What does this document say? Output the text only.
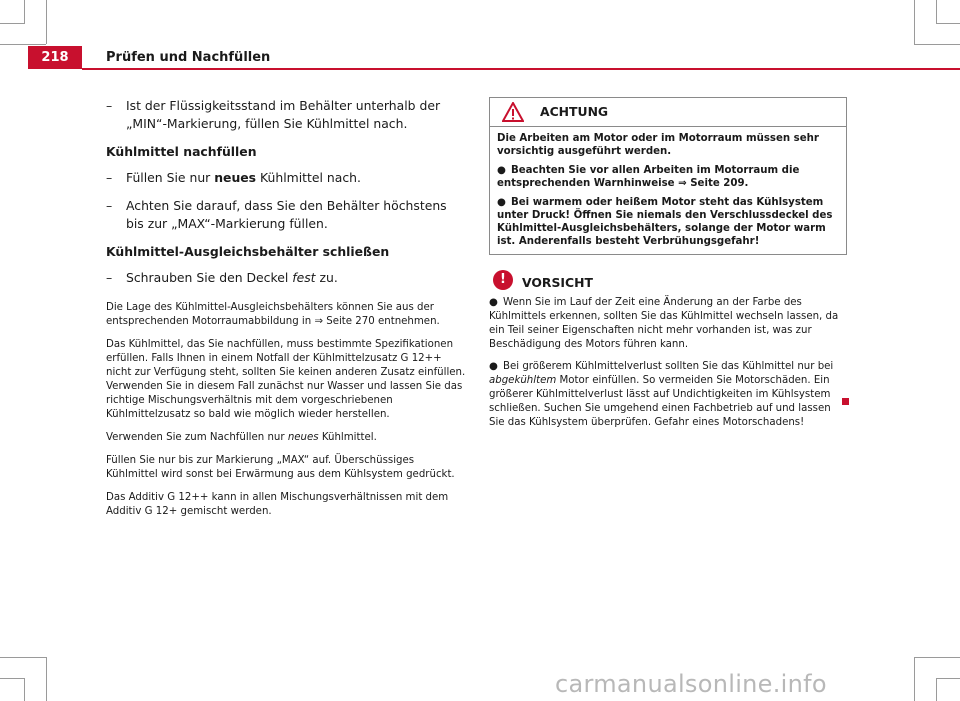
218	Prüfen und Nachfüllen
– Ist der Flüssigkeitsstand im Behälter unterhalb der „MIN“-Markierung, füllen Sie Kühlmittel nach.
Kühlmittel nachfüllen
– Füllen Sie nur neues Kühlmittel nach.
– Achten Sie darauf, dass Sie den Behälter höchstens bis zur „MAX“-Markierung füllen.
Kühlmittel-Ausgleichsbehälter schließen
– Schrauben Sie den Deckel fest zu.
Die Lage des Kühlmittel-Ausgleichsbehälters können Sie aus der entsprechenden Motorraumabbildung in ⇒ Seite 270 entnehmen.
Das Kühlmittel, das Sie nachfüllen, muss bestimmte Spezifikationen erfüllen. Falls Ihnen in einem Notfall der Kühlmittelzusatz G 12++ nicht zur Verfügung steht, sollten Sie keinen anderen Zusatz einfüllen. Verwenden Sie in diesem Fall zunächst nur Wasser und lassen Sie das richtige Mischungsverhältnis mit dem vorgeschriebenen Kühlmittelzusatz so bald wie möglich wieder herstellen.
Verwenden Sie zum Nachfüllen nur neues Kühlmittel.
Füllen Sie nur bis zur Markierung „MAX“ auf. Überschüssiges Kühlmittel wird sonst bei Erwärmung aus dem Kühlsystem gedrückt.
Das Additiv G 12++ kann in allen Mischungsverhältnissen mit dem Additiv G 12+ gemischt werden.
ACHTUNG

Die Arbeiten am Motor oder im Motorraum müssen sehr vorsichtig ausgeführt werden.

● Beachten Sie vor allen Arbeiten im Motorraum die entsprechenden Warnhinweise ⇒ Seite 209.

● Bei warmem oder heißem Motor steht das Kühlsystem unter Druck! Öffnen Sie niemals den Verschlussdeckel des Kühlmittel-Ausgleichsbehälters, solange der Motor warm ist. Anderenfalls besteht Verbrühungsgefahr!

!	VORSICHT

● Wenn Sie im Lauf der Zeit eine Änderung an der Farbe des Kühlmittels erkennen, sollten Sie das Kühlmittel wechseln lassen, da ein Teil seiner Eigenschaften nicht mehr vorhanden ist, was zur Beschädigung des Motors führen kann.

● Bei größerem Kühlmittelverlust sollten Sie das Kühlmittel nur bei abgekühltem Motor einfüllen. So vermeiden Sie Motorschäden. Ein größerer Kühlmittelverlust lässt auf Undichtigkeiten im Kühlsystem schließen. Suchen Sie umgehend einen Fachbetrieb auf und lassen Sie das Kühlsystem überprüfen. Gefahr eines Motorschadens!

carmanualsonline.info
